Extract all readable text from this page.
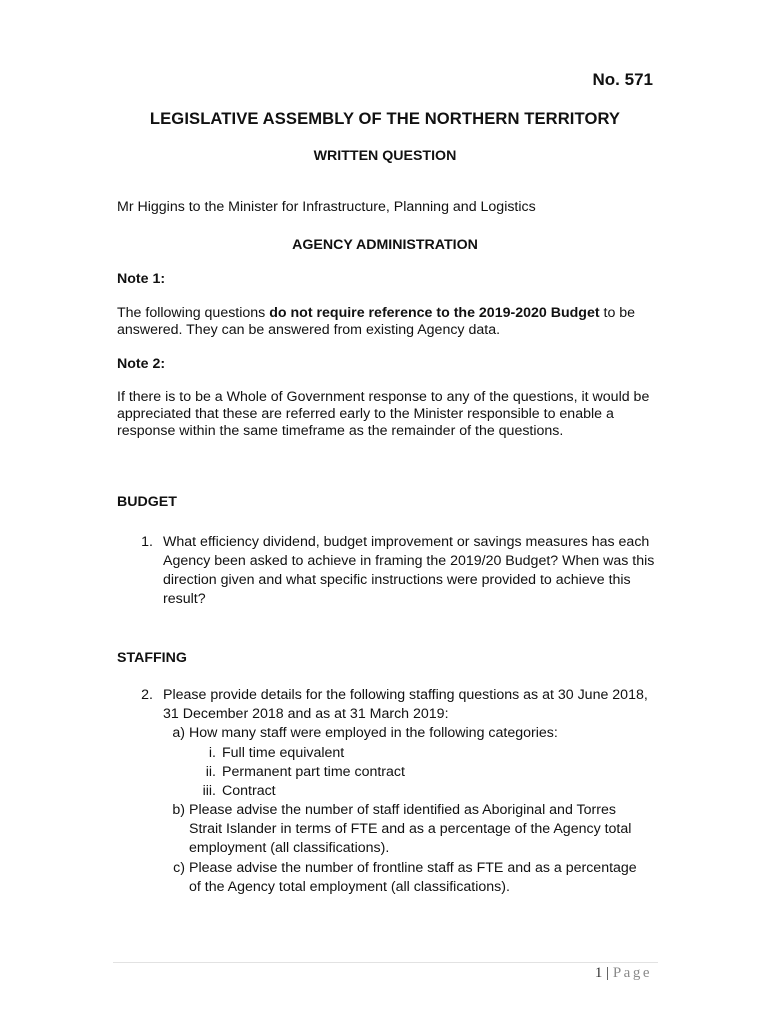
No. 571
LEGISLATIVE ASSEMBLY OF THE NORTHERN TERRITORY
WRITTEN QUESTION
Mr Higgins to the Minister for Infrastructure, Planning and Logistics
AGENCY ADMINISTRATION
Note 1:
The following questions do not require reference to the 2019-2020 Budget to be answered. They can be answered from existing Agency data.
Note 2:
If there is to be a Whole of Government response to any of the questions, it would be appreciated that these are referred early to the Minister responsible to enable a response within the same timeframe as the remainder of the questions.
BUDGET
1. What efficiency dividend, budget improvement or savings measures has each Agency been asked to achieve in framing the 2019/20 Budget? When was this direction given and what specific instructions were provided to achieve this result?
STAFFING
2. Please provide details for the following staffing questions as at 30 June 2018, 31 December 2018 and as at 31 March 2019:
a) How many staff were employed in the following categories:
i. Full time equivalent
ii. Permanent part time contract
iii. Contract
b) Please advise the number of staff identified as Aboriginal and Torres Strait Islander in terms of FTE and as a percentage of the Agency total employment (all classifications).
c) Please advise the number of frontline staff as FTE and as a percentage of the Agency total employment (all classifications).
1 | Page
